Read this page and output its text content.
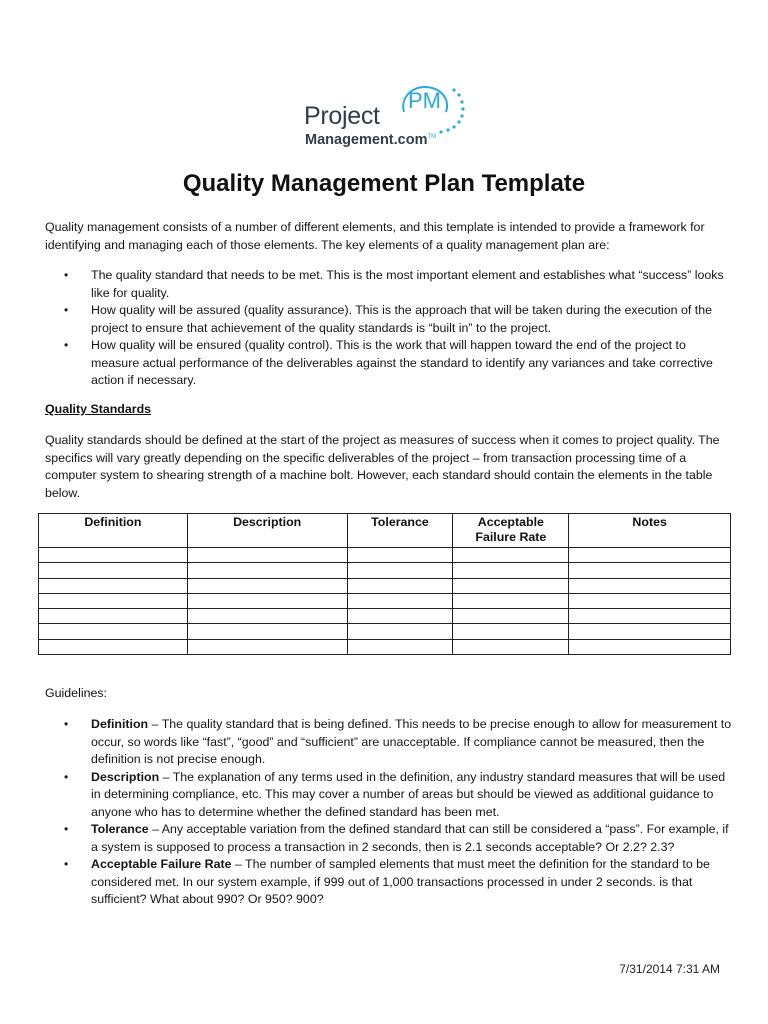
PM
Project
Management.com™
Quality Management Plan Template
Quality management consists of a number of different elements, and this template is intended to provide a framework for identifying and managing each of those elements. The key elements of a quality management plan are:
• The quality standard that needs to be met. This is the most important element and establishes what “success” looks like for quality.
• How quality will be assured (quality assurance). This is the approach that will be taken during the execution of the project to ensure that achievement of the quality standards is “built in” to the project.
• How quality will be ensured (quality control). This is the work that will happen toward the end of the project to measure actual performance of the deliverables against the standard to identify any variances and take corrective action if necessary.
Quality Standards
Quality standards should be defined at the start of the project as measures of success when it comes to project quality. The specifics will vary greatly depending on the specific deliverables of the project – from transaction processing time of a computer system to shearing strength of a machine bolt. However, each standard should contain the elements in the table below.
Definition	Description	Tolerance	Acceptable Failure Rate	Notes

Guidelines:
• Definition – The quality standard that is being defined. This needs to be precise enough to allow for measurement to occur, so words like “fast”, “good” and “sufficient” are unacceptable. If compliance cannot be measured, then the definition is not precise enough.
• Description – The explanation of any terms used in the definition, any industry standard measures that will be used in determining compliance, etc. This may cover a number of areas but should be viewed as additional guidance to anyone who has to determine whether the defined standard has been met.
• Tolerance – Any acceptable variation from the defined standard that can still be considered a “pass”. For example, if a system is supposed to process a transaction in 2 seconds, then is 2.1 seconds acceptable? Or 2.2? 2.3?
• Acceptable Failure Rate – The number of sampled elements that must meet the definition for the standard to be considered met. In our system example, if 999 out of 1,000 transactions processed in under 2 seconds. is that sufficient? What about 990? Or 950? 900?
7/31/2014 7:31 AM
